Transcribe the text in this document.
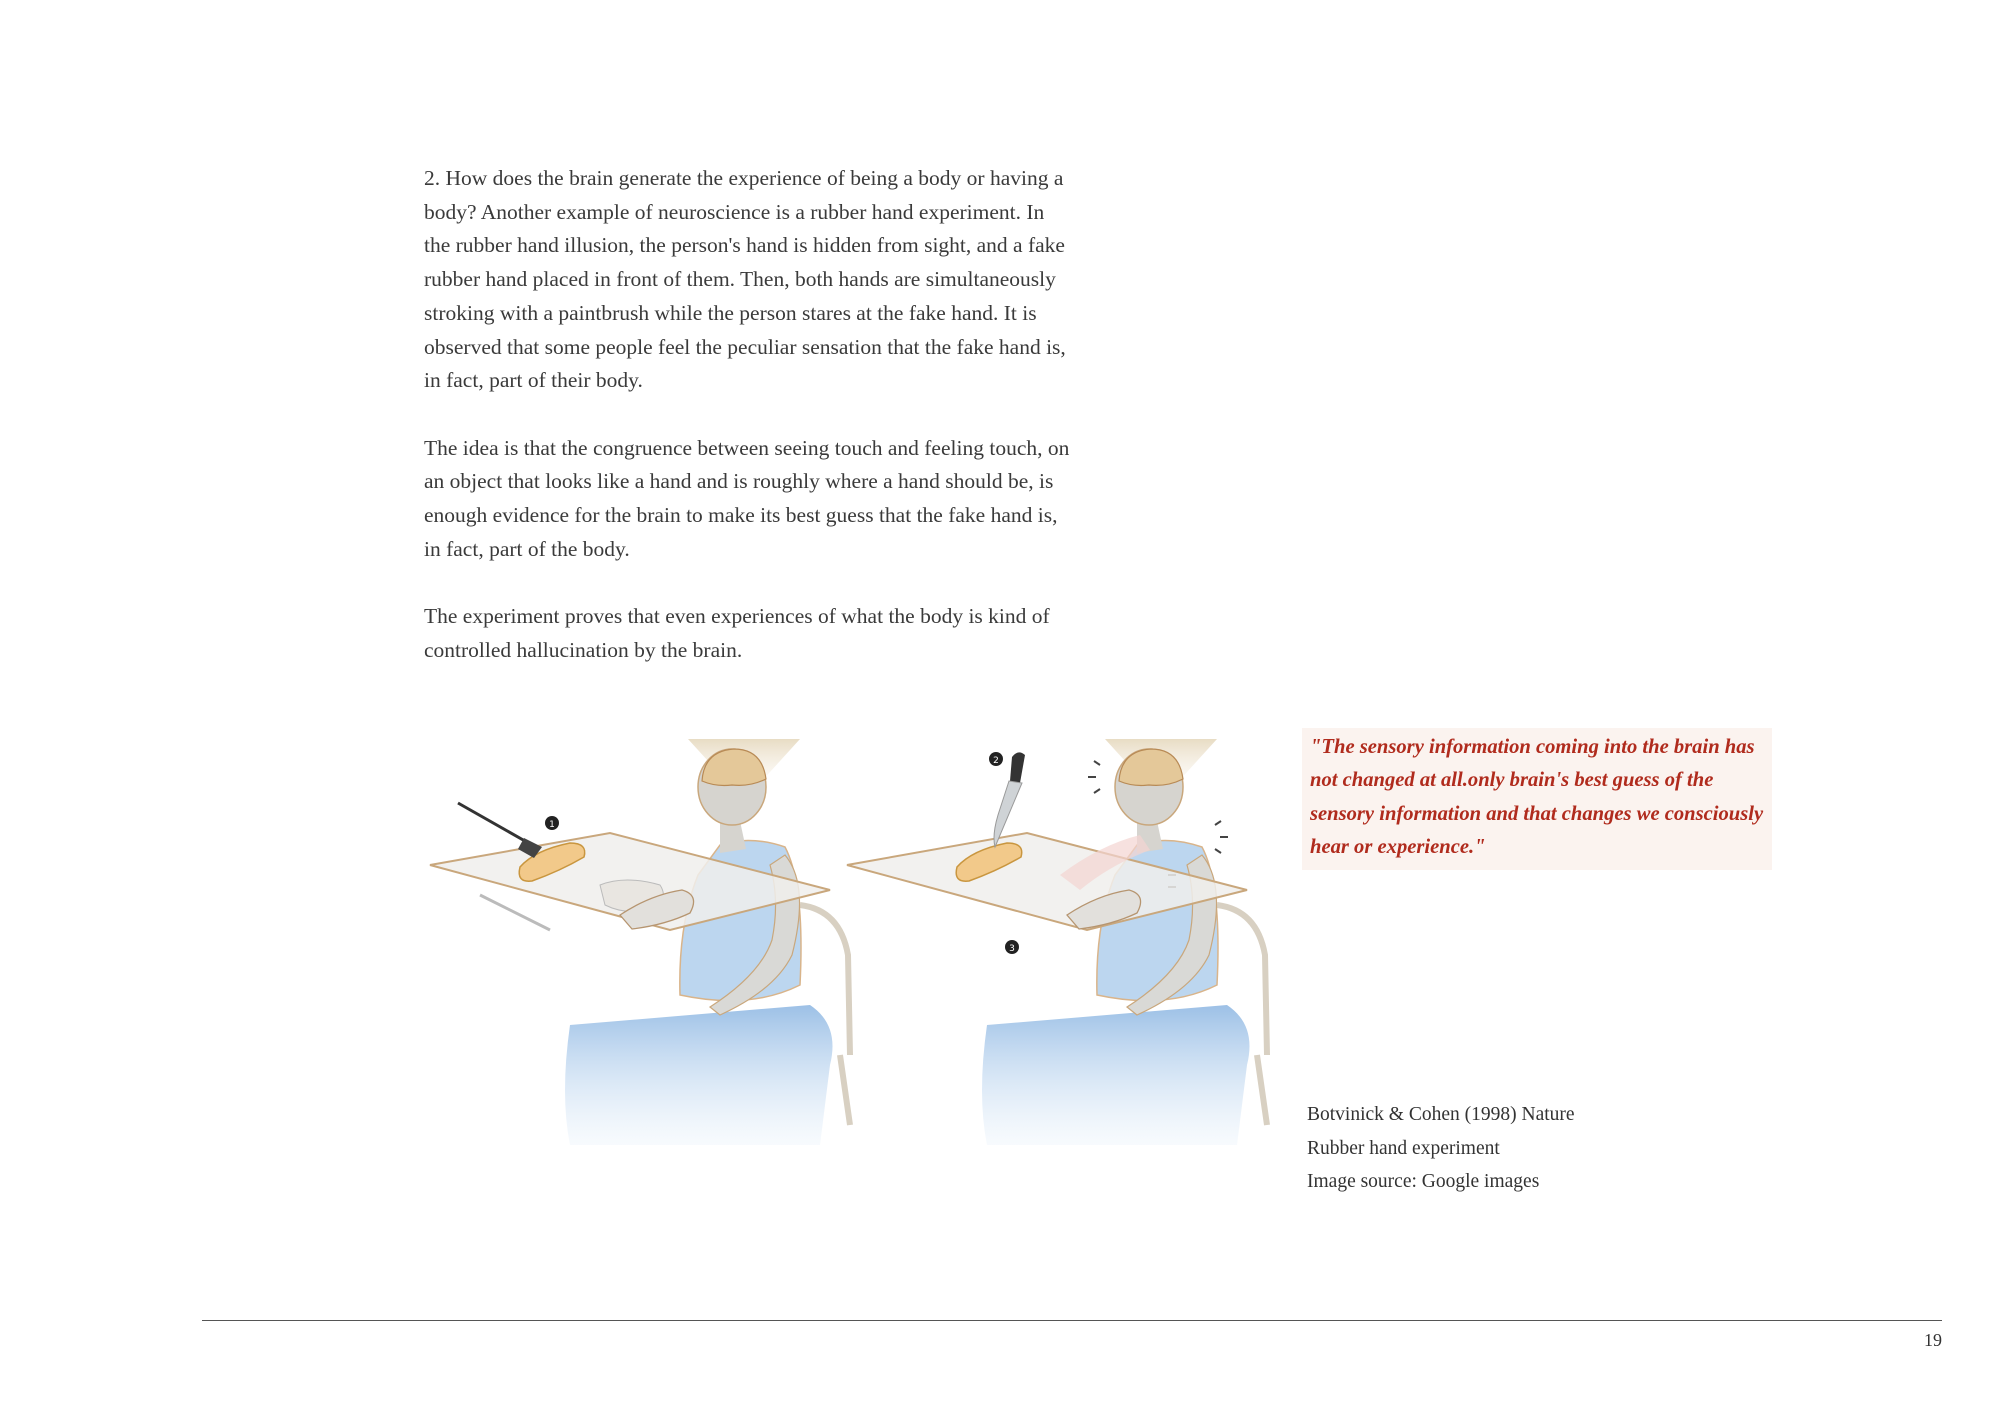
2. How does the brain generate the experience of being a body or having a body? Another example of neuroscience is a rubber hand experiment. In the rubber hand illusion, the person's hand is hidden from sight, and a fake rubber hand placed in front of them. Then, both hands are simultaneously stroking with a paintbrush while the person stares at the fake hand. It is observed that some people feel the peculiar sensation that the fake hand is, in fact, part of their body.

The idea is that the congruence between seeing touch and feeling touch, on an object that looks like a hand and is roughly where a hand should be, is enough evidence for the brain to make its best guess that the fake hand is, in fact, part of the body.

The experiment proves that even experiences of what the body is kind of controlled hallucination by the brain.

1
2
3
"The sensory information coming into the brain has not changed at all.only brain's best guess of the sensory information and that changes we consciously hear or experience."
Botvinick & Cohen (1998) Nature
Rubber hand experiment
Image source: Google images
19
